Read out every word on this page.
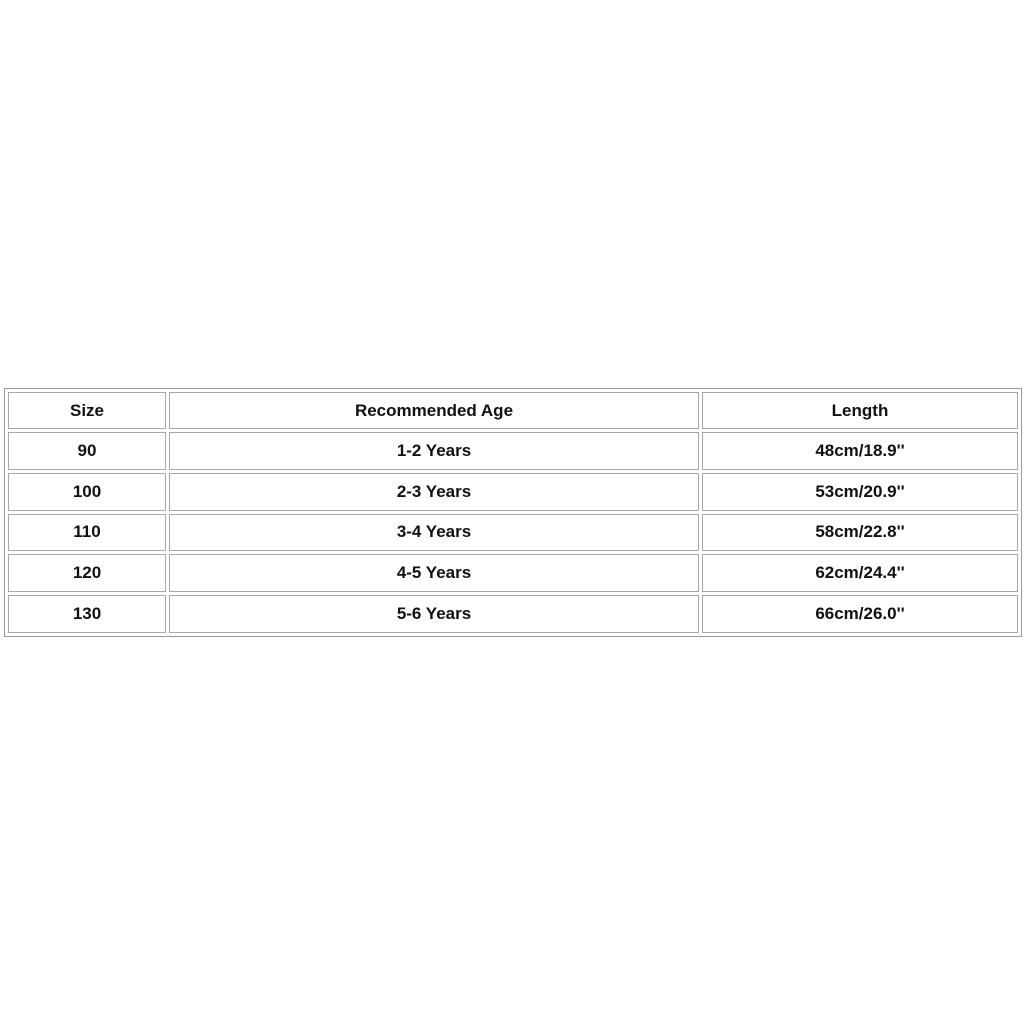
Size	Recommended Age	Length
90	1-2 Years	48cm/18.9''
100	2-3 Years	53cm/20.9''
110	3-4 Years	58cm/22.8''
120	4-5 Years	62cm/24.4''
130	5-6 Years	66cm/26.0''
